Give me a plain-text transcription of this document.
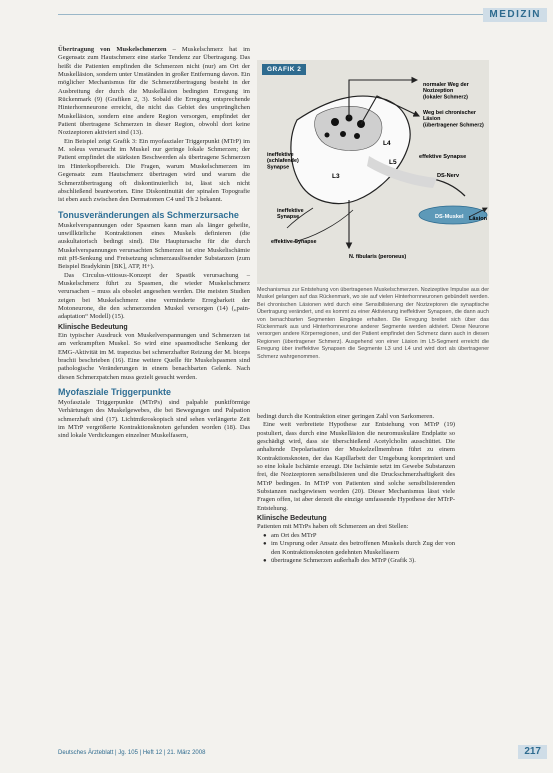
MEDIZIN

Übertragung von Muskelschmerzen – Muskelschmerz hat im Gegensatz zum Hautschmerz eine starke Tendenz zur Übertragung. Das heißt die Patienten empfinden die Schmerzen nicht (nur) am Ort der Muskelläsion, sondern unter Umständen in großer Entfernung davon. Ein möglicher Mechanismus für die Schmerzübertragung besteht in der Ausbreitung der durch die Muskelläsion bedingten Erregung im Rückenmark (9) (Grafiken 2, 3). Sobald die Erregung entsprechende Hinterhornneurone erreicht, die nicht das Gebiet des ursprünglichen Muskelläsion, sondern eine andere Region versorgen, empfindet der Patient übertragene Schmerzen in dieser Region, obwohl dort keine Nozizeptoren aktiviert sind (13).

Ein Beispiel zeigt Grafik 3: Ein myofaszialer Triggerpunkt (MTrP) im M. soleus verursacht im Muskel nur geringe lokale Schmerzen; der Patient empfindet die stärksten Beschwerden als übertragene Schmerzen im Hinterkopfbereich. Die Fragen, warum Muskelschmerzen im Gegensatz zum Hautschmerz übertragen wird und warum die Schmerzübertragung oft diskontinuierlich ist, lässt sich nicht abschließend beantworten. Eine Diskontinuität der spinalen Topografie ist eben auch zwischen den Dermatomen C4 und Th 2 bekannt.

Tonusveränderungen als Schmerzursache

Muskelverspannungen oder Spasmen kann man als länger geheilte, unwillkürliche Kontraktionen eines Muskels definieren (die auskultatorisch bedingt sind). Die Hauptursache für die durch Muskelverspannungen verursachten Schmerzen ist eine Muskelischämie mit pH-Senkung und Freisetzung schmerzauslösender Substanzen (zum Beispiel Bradykinin [BK], ATP, H+).

Das Circulus-vitiosus-Konzept der Spastik verursachung – Muskelschmerz führt zu Spasmen, die wieder Muskelschmerz verursachen – muss als obsolet angesehen werden. Die meisten Studien zeigen bei Muskelschmerz eine verminderte Erregbarkeit der Motoneurone, die den schmerzenden Muskel versorgen (14) („pain-adaptation“ Modell) (15).

Klinische Bedeutung

Ein typischer Ausdruck von Muskelverspannungen und Schmerzen ist am verkrampften Muskel. So wird eine spasmodische Senkung der EMG-Aktivität im M. trapezius bei schmerzhafter Reizung der M. biceps brachii beschrieben (16). Eine weitere Quelle für Muskelspasmen sind pathologische Veränderungen in einem benachbarten Gelenk. Nach diesen Schmerzpatchen muss gezielt gesucht werden.

Myofasziale Triggerpunkte

Myofasziale Triggerpunkte (MTrPs) sind palpable punktförmige Verhärtungen des Muskelgewebes, die bei Bewegungen und Palpation schmerzhaft sind (17). Lichtmikroskopisch sind sehen verlängerte Zeit im MTrP vergrößerte Kontraktionsknoten gefunden worden (18). Das sind lokale Verdickungen einzelner Muskelfasern,

GRAFIK 2
normaler Weg der Nozizeption (lokaler Schmerz)
Weg bei chronischer Läsion (übertragener Schmerz)
ineffektive (schlafende) Synapse
effektive Synapse
L3
L4
L5
DS-Nerv
ineffektive Synapse
effektive Synapse
Läsion
DS-Muskel
N. fibularis (peroneus)
Mechanismus zur Entstehung von übertragenen Muskelschmerzen. Nozizeptive Impulse aus der Muskel gelangen auf das Rückenmark, wo sie auf vielen Hinterhornneuronen gebündelt werden. Bei chronischen Läsionen wird durch eine Sensibilisierung der Nozizeptoren die synaptische Übertragung verändert, und es kommt zu einer Aktivierung ineffektiver Synapsen, die dann auch von benachbarten Segmenten Eingänge erhalten. Die Erregung breitet sich über das Rückenmark aus und Hinterhornneurone anderer Segmente werden aktiviert. Diese Neurone versorgen andere Körperregionen, und der Patient empfindet den Schmerz dann auch in diesen Regionen (übertragener Schmerz). Ausgehend von einer Läsion im L5-Segment erreicht die Erregung über ineffektive Synapsen die Segmente L3 und L4 und wird dort als übertragener Schmerz wahrgenommen.

bedingt durch die Kontraktion einer geringen Zahl von Sarkomeren.

Eine weit verbreitete Hypothese zur Entstehung von MTrP (19) postuliert, dass durch eine Muskelläsion die neuromuskuläre Endplatte so geschädigt wird, dass sie überschießend Acetylcholin ausschüttet. Die anhaltende Depolarisation der Muskelzellmembran führt zu einem Kontraktionsknoten, der das Kapillarbett der Umgebung komprimiert und so eine lokale Ischämie erzeugt. Die Ischämie setzt im Gewebe Substanzen frei, die Nozizeptoren sensibilisieren und die Druckschmerzhaftigkeit des MTrP bedingen. In MTrP von Patienten sind solche sensibilisierenden Substanzen nachgewiesen worden (20). Dieser Mechanismus lässt viele Fragen offen, ist aber derzeit die einzige umfassende Hypothese der MTrP-Entstehung.

Klinische Bedeutung

Patienten mit MTrPs haben oft Schmerzen an drei Stellen:

● am Ort des MTrP
● im Ursprung oder Ansatz des betroffenen Muskels durch Zug der von den Kontraktionsknoten gedehnten Muskelfasern
● übertragene Schmerzen außerhalb des MTrP (Grafik 3).
Deutsches Ärzteblatt | Jg. 105 | Heft 12 | 21. März 2008	217
